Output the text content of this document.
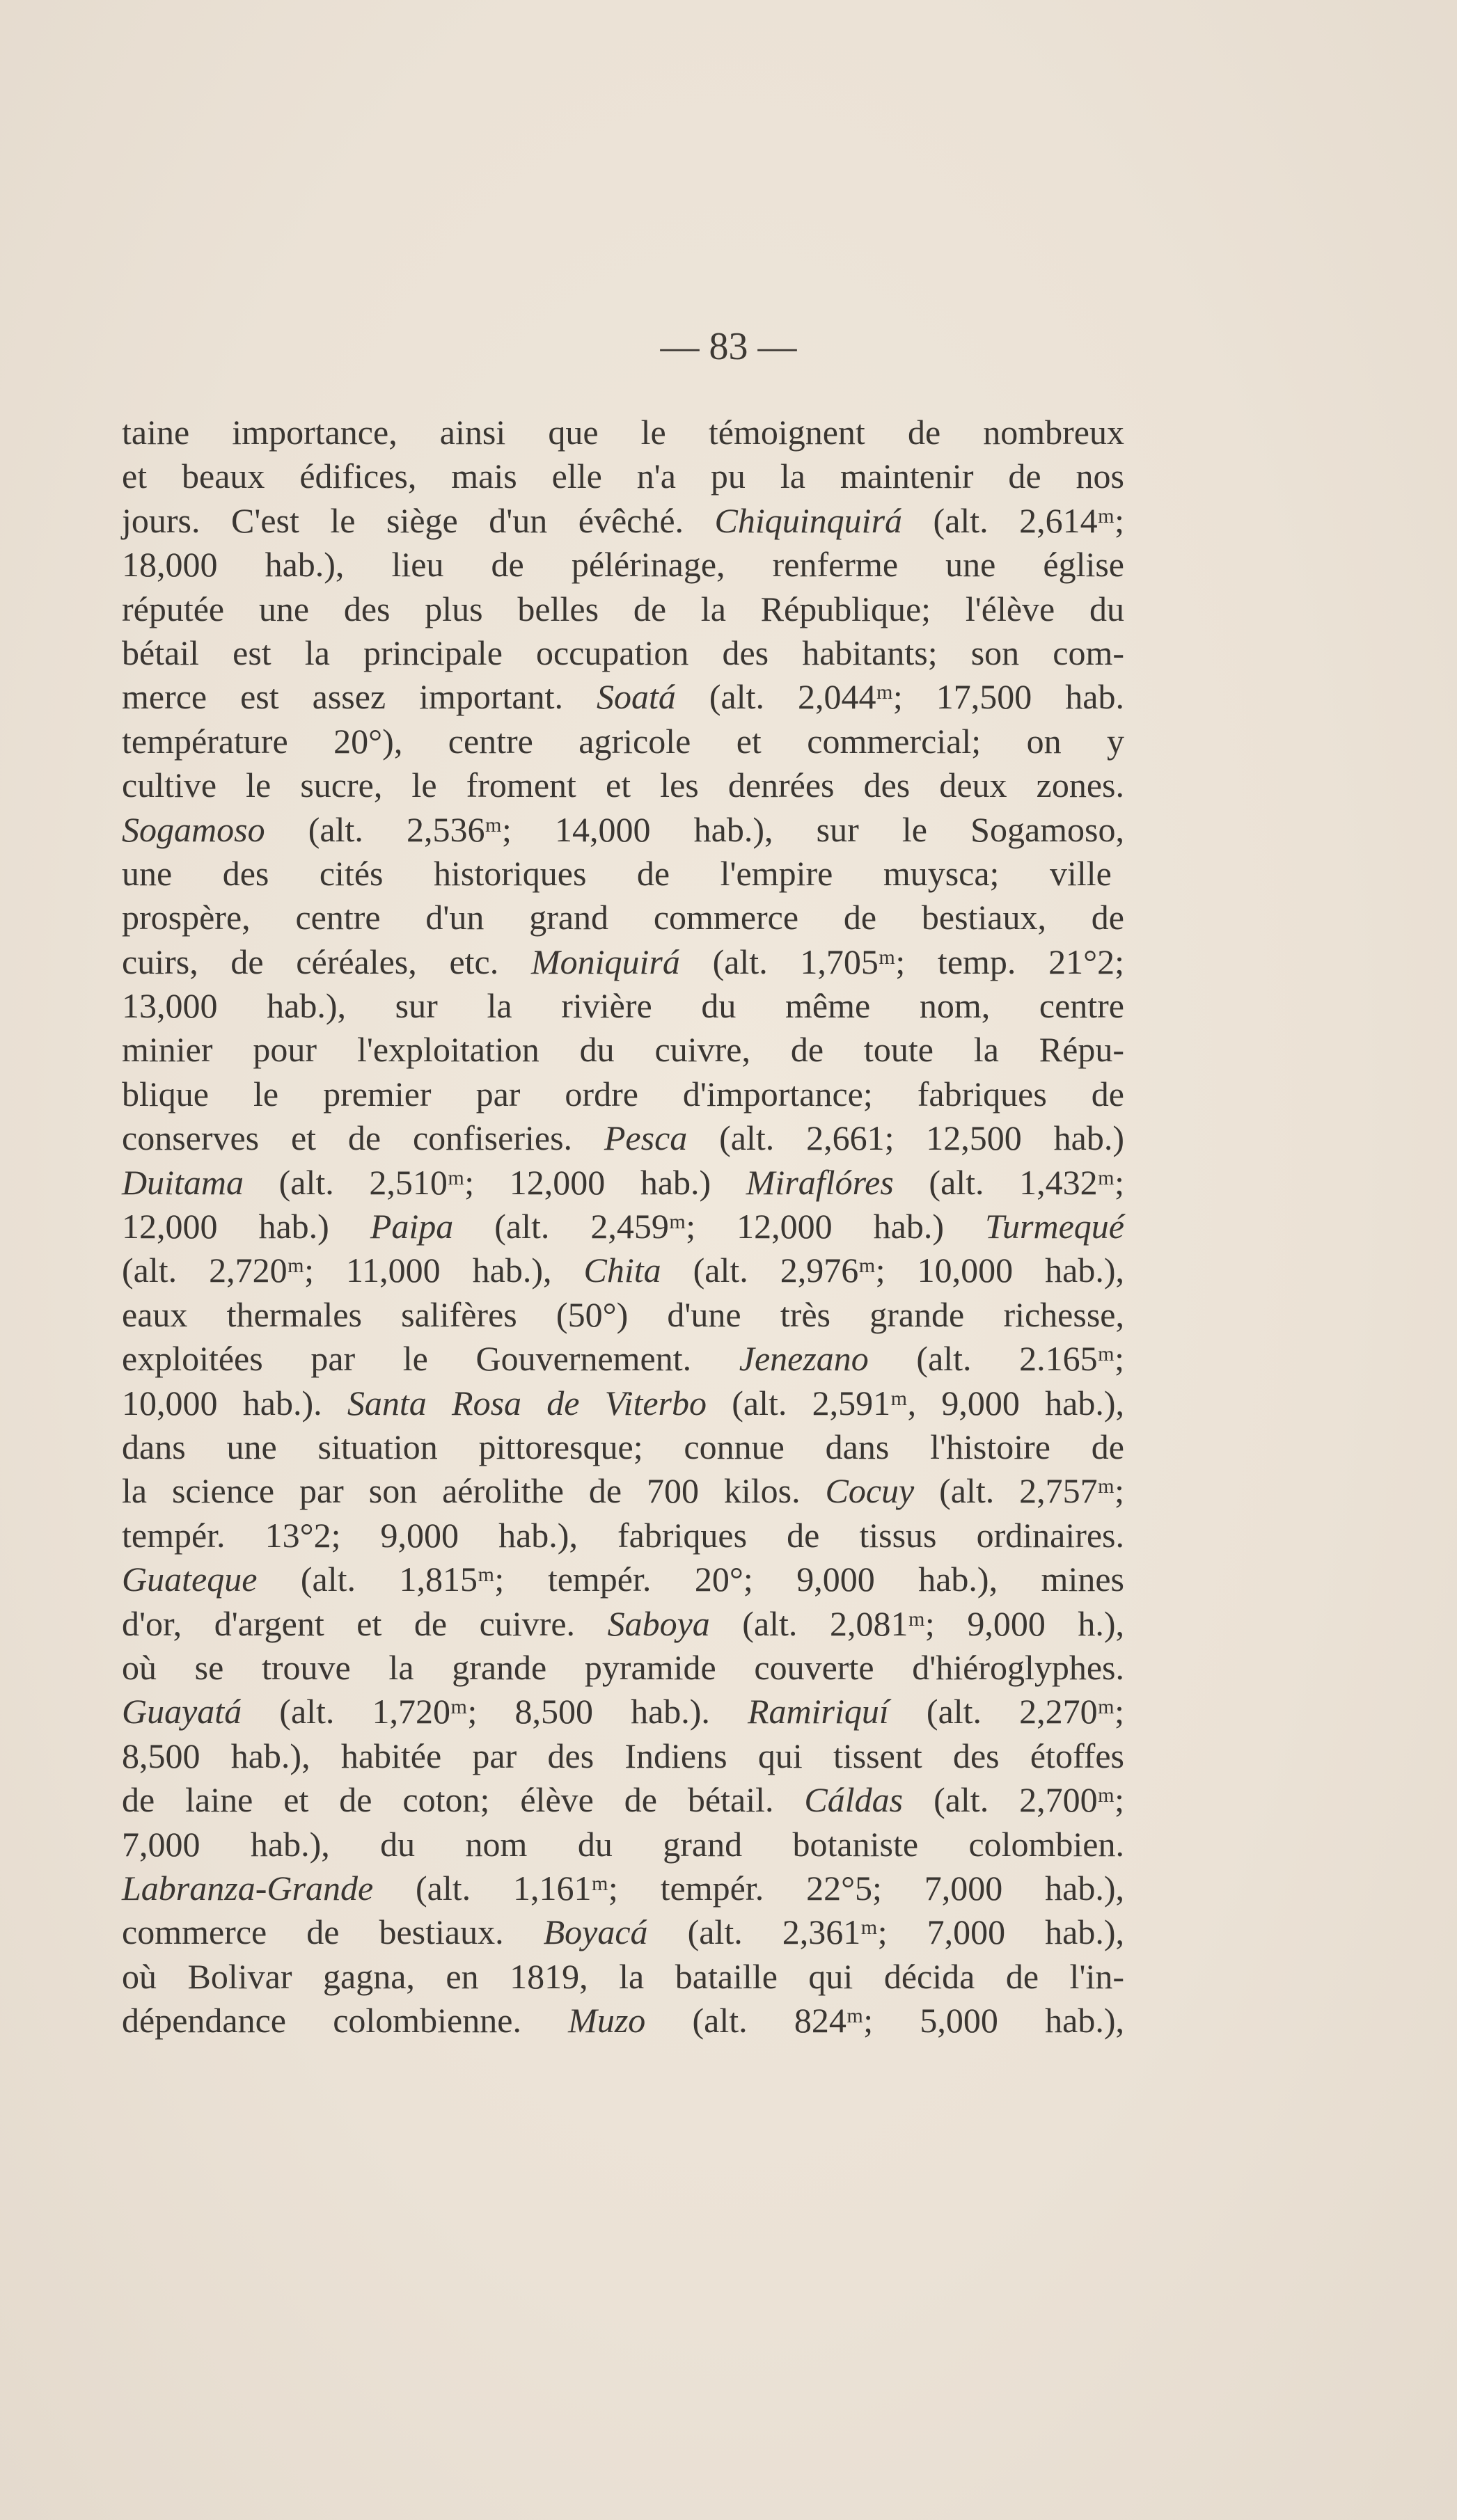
— 83 —
taine importance, ainsi que le témoignent de nombreux
et beaux édifices, mais elle n'a pu la maintenir de nos
jours. C'est le siège d'un évêché. Chiquinquirá (alt. 2,614ᵐ;
18,000 hab.), lieu de pélérinage, renferme une église
réputée une des plus belles de la République; l'élève du
bétail est la principale occupation des habitants; son com-
merce est assez important. Soatá (alt. 2,044ᵐ; 17,500 hab.
température 20°), centre agricole et commercial; on y
cultive le sucre, le froment et les denrées des deux zones.
Sogamoso (alt. 2,536ᵐ; 14,000 hab.), sur le Sogamoso,
une des cités historiques de l'empire muysca; ville
prospère, centre d'un grand commerce de bestiaux, de
cuirs, de céréales, etc. Moniquirá (alt. 1,705ᵐ; temp. 21°2;
13,000 hab.), sur la rivière du même nom, centre
minier pour l'exploitation du cuivre, de toute la Répu-
blique le premier par ordre d'importance; fabriques de
conserves et de confiseries. Pesca (alt. 2,661; 12,500 hab.)
Duitama (alt. 2,510ᵐ; 12,000 hab.) Miraflóres (alt. 1,432ᵐ;
12,000 hab.) Paipa (alt. 2,459ᵐ; 12,000 hab.) Turmequé
(alt. 2,720ᵐ; 11,000 hab.), Chita (alt. 2,976ᵐ; 10,000 hab.),
eaux thermales salifères (50°) d'une très grande richesse,
exploitées par le Gouvernement. Jenezano (alt. 2.165ᵐ;
10,000 hab.). Santa Rosa de Viterbo (alt. 2,591ᵐ, 9,000 hab.),
dans une situation pittoresque; connue dans l'histoire de
la science par son aérolithe de 700 kilos. Cocuy (alt. 2,757ᵐ;
tempér. 13°2; 9,000 hab.), fabriques de tissus ordinaires.
Guateque (alt. 1,815ᵐ; tempér. 20°; 9,000 hab.), mines
d'or, d'argent et de cuivre. Saboya (alt. 2,081ᵐ; 9,000 h.),
où se trouve la grande pyramide couverte d'hiéroglyphes.
Guayatá (alt. 1,720ᵐ; 8,500 hab.). Ramiriquí (alt. 2,270ᵐ;
8,500 hab.), habitée par des Indiens qui tissent des étoffes
de laine et de coton; élève de bétail. Cáldas (alt. 2,700ᵐ;
7,000 hab.), du nom du grand botaniste colombien.
Labranza-Grande (alt. 1,161ᵐ; tempér. 22°5; 7,000 hab.),
commerce de bestiaux. Boyacá (alt. 2,361ᵐ; 7,000 hab.),
où Bolivar gagna, en 1819, la bataille qui décida de l'in-
dépendance colombienne. Muzo (alt. 824ᵐ; 5,000 hab.),
